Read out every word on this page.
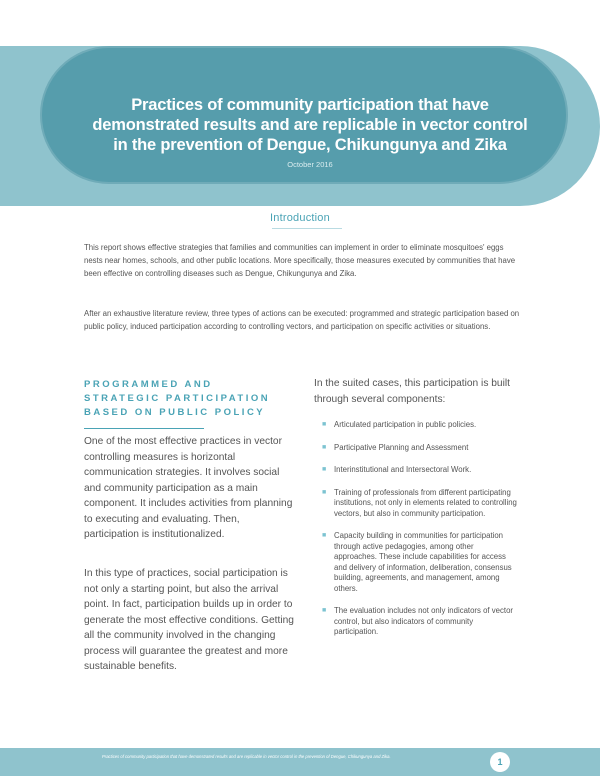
Practices of community participation that have demonstrated results and are replicable in vector control in the prevention of Dengue, Chikungunya and Zika
October 2016
Introduction

This report shows effective strategies that families and communities can implement in order to eliminate mosquitoes' eggs nests near homes, schools, and other public locations. More specifically, those measures executed by communities that have been effective on controlling diseases such as Dengue, Chikungunya and Zika.

After an exhaustive literature review, three types of actions can be executed: programmed and strategic participation based on public policy, induced participation according to controlling vectors, and participation on specific activities or situations.

PROGRAMMED AND STRATEGIC PARTICIPATION BASED ON PUBLIC POLICY

One of the most effective practices in vector controlling measures is horizontal communication strategies. It involves social and community participation as a main component. It includes activities from planning to executing and evaluating. Then, participation is institutionalized.

In this type of practices, social participation is not only a starting point, but also the arrival point. In fact, participation builds up in order to generate the most effective conditions. Getting all the community involved in the changing process will guarantee the greatest and more sustainable benefits.

In the suited cases, this participation is built through several components:

■ Articulated participation in public policies.
■ Participative Planning and Assessment
■ Interinstitutional and Intersectoral Work.
■ Training of professionals from different participating institutions, not only in elements related to controlling vectors, but also in community participation.
■ Capacity building in communities for participation through active pedagogies, among other approaches. These include capabilities for access and delivery of information, deliberation, consensus building, agreements, and management, among others.
■ The evaluation includes not only indicators of vector control, but also indicators of community participation.

Practices of community participation that have demonstrated results and are replicable in vector control in the prevention of Dengue, Chikungunya and Zika.

1
